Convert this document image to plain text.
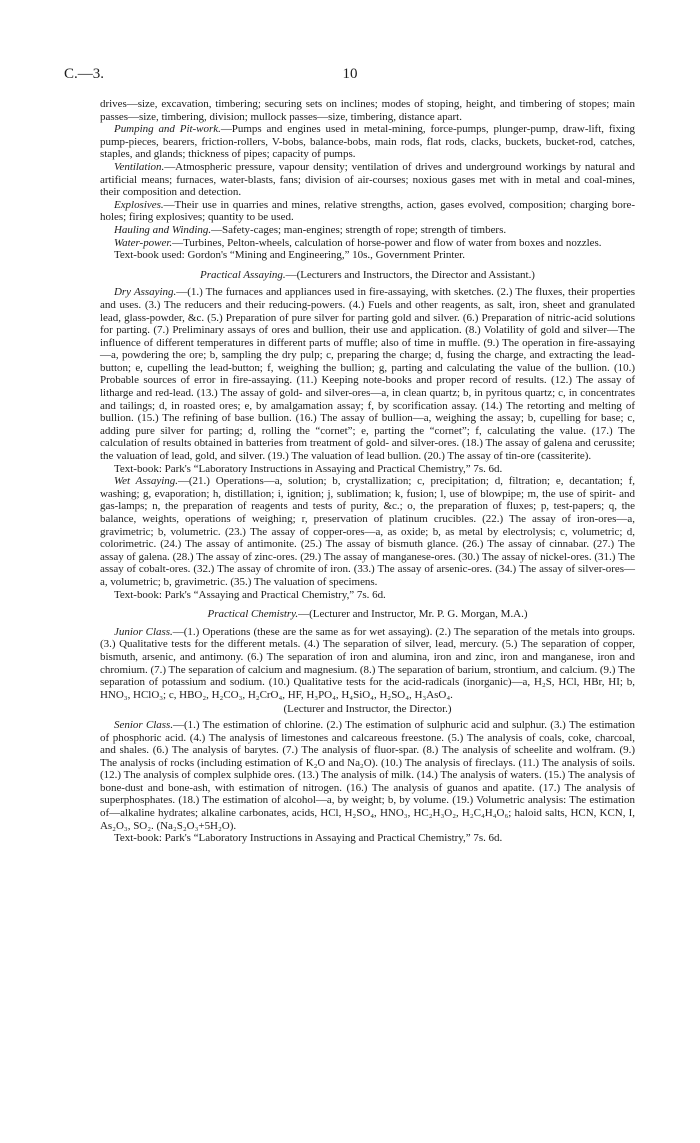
C.—3.	10

drives—size, excavation, timbering; securing sets on inclines; modes of stoping, height, and timbering of stopes; main passes—size, timbering, division; mullock passes—size, timbering, distance apart.

Pumping and Pit-work.—Pumps and engines used in metal-mining, force-pumps, plunger-pump, draw-lift, fixing pump-pieces, bearers, friction-rollers, V-bobs, balance-bobs, main rods, flat rods, clacks, buckets, bucket-rod, catches, staples, and glands; thickness of pipes; capacity of pumps.

Ventilation.—Atmospheric pressure, vapour density; ventilation of drives and underground workings by natural and artificial means; furnaces, water-blasts, fans; division of air-courses; noxious gases met with in metal and coal-mines, their composition and detection.

Explosives.—Their use in quarries and mines, relative strengths, action, gases evolved, composition; charging bore-holes; firing explosives; quantity to be used.

Hauling and Winding.—Safety-cages; man-engines; strength of rope; strength of timbers.

Water-power.—Turbines, Pelton-wheels, calculation of horse-power and flow of water from boxes and nozzles.

Text-book used: Gordon's “Mining and Engineering,” 10s., Government Printer.

Practical Assaying.—(Lecturers and Instructors, the Director and Assistant.)

Dry Assaying.—(1.) The furnaces and appliances used in fire-assaying, with sketches. (2.) The fluxes, their properties and uses. (3.) The reducers and their reducing-powers. (4.) Fuels and other reagents, as salt, iron, sheet and granulated lead, glass-powder, &c. (5.) Preparation of pure silver for parting gold and silver. (6.) Preparation of nitric-acid solutions for parting. (7.) Preliminary assays of ores and bullion, their use and application. (8.) Volatility of gold and silver—The influence of different temperatures in different parts of muffle; also of time in muffle. (9.) The operation in fire-assaying—a, powdering the ore; b, sampling the dry pulp; c, preparing the charge; d, fusing the charge, and extracting the lead-button; e, cupelling the lead-button; f, weighing the bullion; g, parting and calculating the value of the bullion. (10.) Probable sources of error in fire-assaying. (11.) Keeping note-books and proper record of results. (12.) The assay of litharge and red-lead. (13.) The assay of gold- and silver-ores—a, in clean quartz; b, in pyritous quartz; c, in concentrates and tailings; d, in roasted ores; e, by amalgamation assay; f, by scorification assay. (14.) The retorting and melting of bullion. (15.) The refining of base bullion. (16.) The assay of bullion—a, weighing the assay; b, cupelling for base; c, adding pure silver for parting; d, rolling the “cornet”; e, parting the “cornet”; f, calculating the value. (17.) The calculation of results obtained in batteries from treatment of gold- and silver-ores. (18.) The assay of galena and cerussite; the valuation of lead, gold, and silver. (19.) The valuation of lead bullion. (20.) The assay of tin-ore (cassiterite).

Text-book: Park's “Laboratory Instructions in Assaying and Practical Chemistry,” 7s. 6d.

Wet Assaying.—(21.) Operations—a, solution; b, crystallization; c, precipitation; d, filtration; e, decantation; f, washing; g, evaporation; h, distillation; i, ignition; j, sublimation; k, fusion; l, use of blowpipe; m, the use of spirit- and gas-lamps; n, the preparation of reagents and tests of purity, &c.; o, the preparation of fluxes; p, test-papers; q, the balance, weights, operations of weighing; r, preservation of platinum crucibles. (22.) The assay of iron-ores—a, gravimetric; b, volumetric. (23.) The assay of copper-ores—a, as oxide; b, as metal by electrolysis; c, volumetric; d, colorimetric. (24.) The assay of antimonite. (25.) The assay of bismuth glance. (26.) The assay of cinnabar. (27.) The assay of galena. (28.) The assay of zinc-ores. (29.) The assay of manganese-ores. (30.) The assay of nickel-ores. (31.) The assay of cobalt-ores. (32.) The assay of chromite of iron. (33.) The assay of arsenic-ores. (34.) The assay of silver-ores—a, volumetric; b, gravimetric. (35.) The valuation of specimens.

Text-book: Park's “Assaying and Practical Chemistry,” 7s. 6d.

Practical Chemistry.—(Lecturer and Instructor, Mr. P. G. Morgan, M.A.)

Junior Class.—(1.) Operations (these are the same as for wet assaying). (2.) The separation of the metals into groups. (3.) Qualitative tests for the different metals. (4.) The separation of silver, lead, mercury. (5.) The separation of copper, bismuth, arsenic, and antimony. (6.) The separation of iron and alumina, iron and zinc, iron and manganese, iron and chromium. (7.) The separation of calcium and magnesium. (8.) The separation of barium, strontium, and calcium. (9.) The separation of potassium and sodium. (10.) Qualitative tests for the acid-radicals (inorganic)—a, H₂S, HCl, HBr, HI; b, HNO₃, HClO₃; c, HBO₂, H₂CO₃, H₂CrO₄, HF, H₃PO₄, H₄SiO₄, H₂SO₄, H₃AsO₄.

(Lecturer and Instructor, the Director.)

Senior Class.—(1.) The estimation of chlorine. (2.) The estimation of sulphuric acid and sulphur. (3.) The estimation of phosphoric acid. (4.) The analysis of limestones and calcareous freestone. (5.) The analysis of coals, coke, charcoal, and shales. (6.) The analysis of barytes. (7.) The analysis of fluor-spar. (8.) The analysis of scheelite and wolfram. (9.) The analysis of rocks (including estimation of K₂O and Na₂O). (10.) The analysis of fireclays. (11.) The analysis of soils. (12.) The analysis of complex sulphide ores. (13.) The analysis of milk. (14.) The analysis of waters. (15.) The analysis of bone-dust and bone-ash, with estimation of nitrogen. (16.) The analysis of guanos and apatite. (17.) The analysis of superphosphates. (18.) The estimation of alcohol—a, by weight; b, by volume. (19.) Volumetric analysis: The estimation of—alkaline hydrates; alkaline carbonates, acids, HCl, H₂SO₄, HNO₃, HC₂H₃O₂, H₂C₄H₄O₆; haloid salts, HCN, KCN, I, As₂O₃, SO₂. (Na₂S₂O₃+5H₂O).

Text-book: Park's “Laboratory Instructions in Assaying and Practical Chemistry,” 7s. 6d.
